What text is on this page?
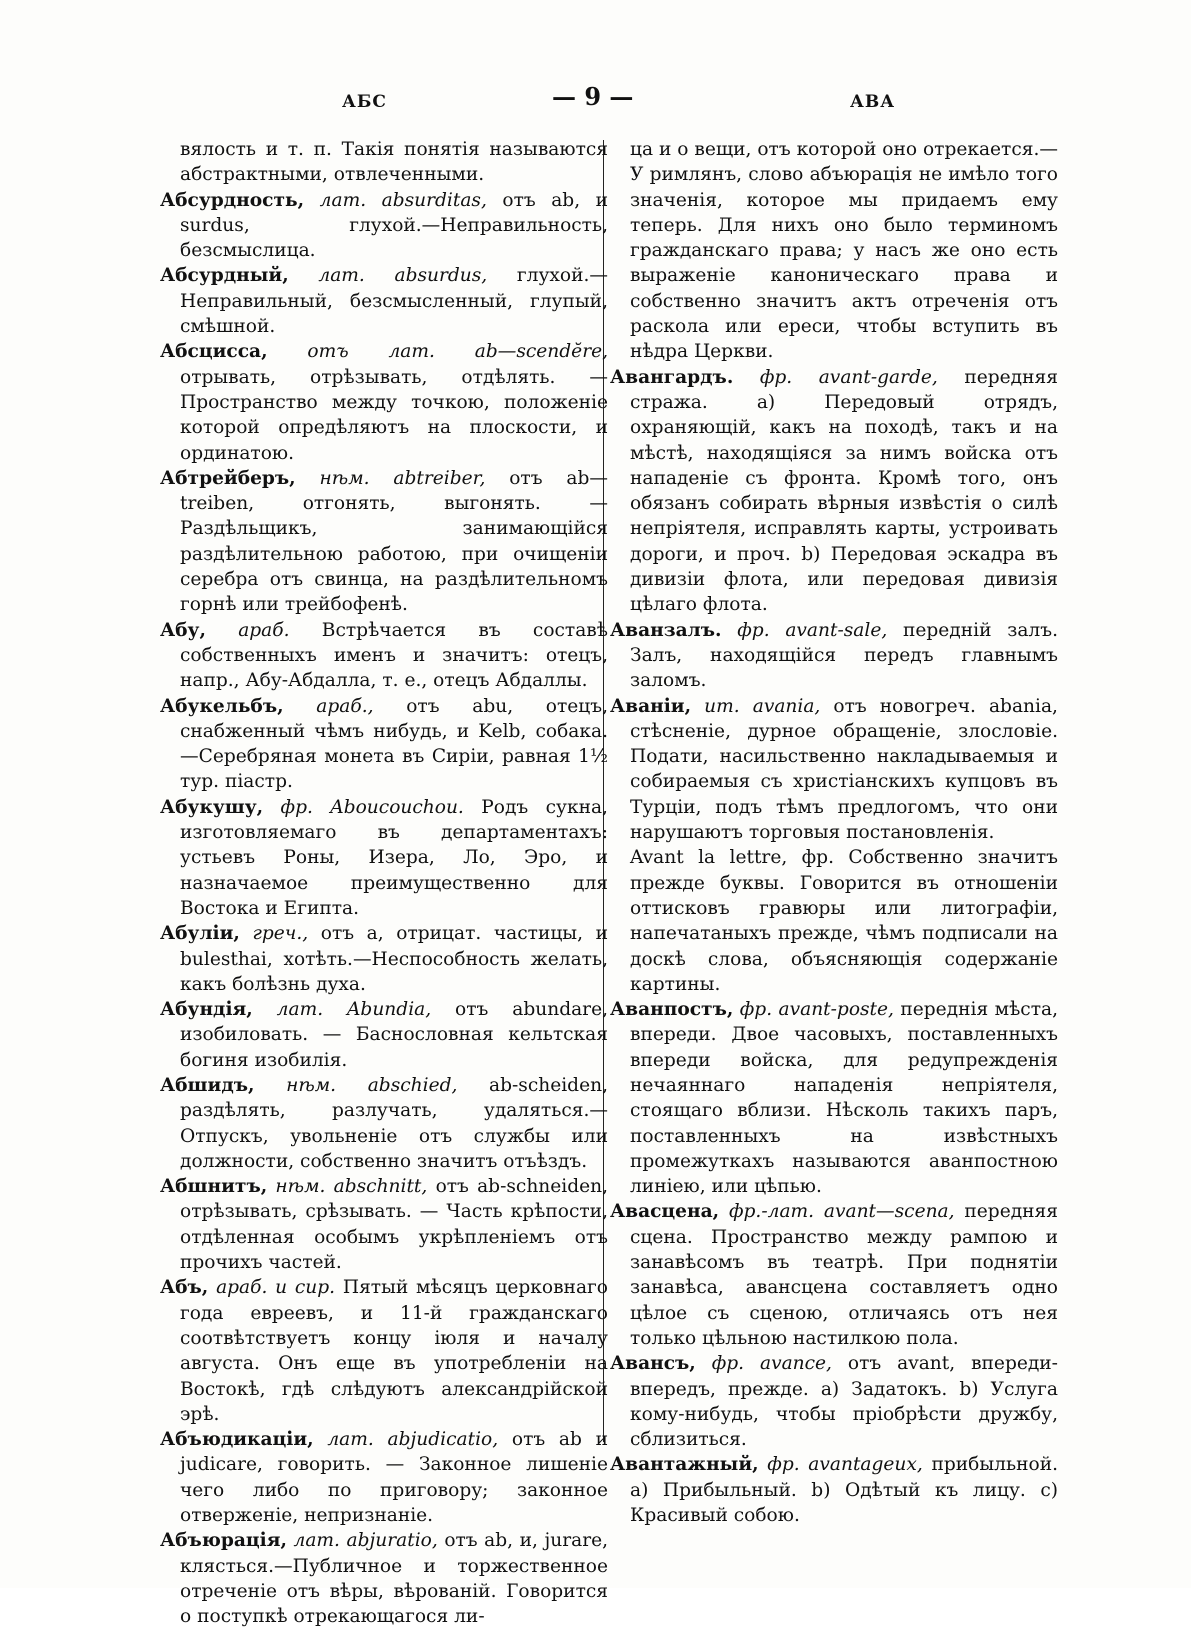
АБС	— 9 —	АВА

вялость и т. п. Такія понятія называются абстрактными, отвлеченными.

Абсурдность, лат. absurditas, отъ ab, и surdus, глухой.—Неправильность, безсмыслица.

Абсурдный, лат. absurdus, глухой.—Неправильный, безсмысленный, глупый, смѣшной.

Абсцисса, отъ лат. ab—scendĕre, отрывать, отрѣзывать, отдѣлять. — Пространство между точкою, положеніе которой опредѣляютъ на плоскости, и ординатою.

Абтрейберъ, нѣм. abtreiber, отъ ab—treiben, отгонять, выгонять. — Раздѣльщикъ, занимающійся раздѣлительною работою, при очищеніи серебра отъ свинца, на раздѣлительномъ горнѣ или трейбофенѣ.

Абу, араб. Встрѣчается въ составѣ собственныхъ именъ и значитъ: отецъ, напр., Абу-Абдалла, т. е., отецъ Абдаллы.

Абукельбъ, араб., отъ abu, отецъ, снабженный чѣмъ нибудь, и Kelb, собака.—Серебряная монета въ Сиріи, равная 1½ тур. піастр.

Абукушу, фр. Aboucouchou. Родъ сукна, изготовляемаго въ департаментахъ: устьевъ Роны, Изера, Ло, Эро, и назначаемое преимущественно для Востока и Египта.

Абуліи, греч., отъ а, отрицат. частицы, и bulesthai, хотѣть.—Неспособность желать, какъ болѣзнь духа.

Абундія, лат. Abundia, отъ abundare, изобиловать. — Баснословная кельтская богиня изобилія.

Абшидъ, нѣм. abschied, ab-scheiden, раздѣлять, разлучать, удаляться.—Отпускъ, увольненіе отъ службы или должности, собственно значитъ отъѣздъ.

Абшнитъ, нѣм. abschnitt, отъ ab-schneiden, отрѣзывать, срѣзывать. — Часть крѣпости, отдѣленная особымъ укрѣпленіемъ отъ прочихъ частей.

Абъ, араб. и сир. Пятый мѣсяцъ церковнаго года евреевъ, и 11-й гражданскаго соотвѣтствуетъ концу іюля и началу августа. Онъ еще въ употребленіи на Востокѣ, гдѣ слѣдуютъ александрійской эрѣ.

Абъюдикаціи, лат. abjudicatio, отъ ab и judicare, говорить. — Законное лишеніе чего либо по приговору; законное отверженіе, непризнаніе.

Абъюрація, лат. abjuratio, отъ ab, и, jurare, клясться.—Публичное и торжественное отреченіе отъ вѣры, вѣрованій. Говорится о поступкѣ отрекающагося ли-

ца и о вещи, отъ которой оно отрекается.—У римлянъ, слово абъюрація не имѣло того значенія, которое мы придаемъ ему теперь. Для нихъ оно было терминомъ гражданскаго права; у насъ же оно есть выраженіе каноническаго права и собственно значитъ актъ отреченія отъ раскола или ереси, чтобы вступить въ нѣдра Церкви.

Авангардъ. фр. avant-garde, передняя стража. а) Передовый отрядъ, охраняющій, какъ на походѣ, такъ и на мѣстѣ, находящіяся за нимъ войска отъ нападеніе съ фронта. Кромѣ того, онъ обязанъ собирать вѣрныя извѣстія о силѣ непріятеля, исправлять карты, устроивать дороги, и проч. b) Передовая эскадра въ дивизіи флота, или передовая дивизія цѣлаго флота.

Аванзалъ. фр. avant-sale, передній залъ. Залъ, находящійся передъ главнымъ заломъ.

Аваніи, ит. avania, отъ новогреч. abania, стѣсненіе, дурное обращеніе, злословіе. Подати, насильственно накладываемыя и собираемыя съ христіанскихъ купцовъ въ Турціи, подъ тѣмъ предлогомъ, что они нарушаютъ торговыя постановленія.

Avant la lettre, фр. Собственно значитъ прежде буквы. Говорится въ отношеніи оттисковъ гравюры или литографіи, напечатаныхъ прежде, чѣмъ подписали на доскѣ слова, объясняющія содержаніе картины.

Аванпостъ, фр. avant-poste, переднія мѣста, впереди. Двое часовыхъ, поставленныхъ впереди войска, для редупрежденія нечаяннаго нападенія непріятеля, стоящаго вблизи. Нѣсколь такихъ паръ, поставленныхъ на извѣстныхъ промежуткахъ называются аванпостною линіею, или цѣпью.

Авасцена, фр.-лат. avant—scena, передняя сцена. Пространство между рампою и занавѣсомъ въ театрѣ. При поднятіи занавѣса, авансцена составляетъ одно цѣлое съ сценою, отличаясь отъ нея только цѣльною настилкою пола.

Авансъ, фр. avance, отъ avant, впереди-впередъ, прежде. а) Задатокъ. b) Услуга кому-нибудь, чтобы пріобрѣсти дружбу, сблизиться.

Авантажный, фр. avantageux, прибыльной. а) Прибыльный. b) Одѣтый къ лицу. c) Красивый собою.
